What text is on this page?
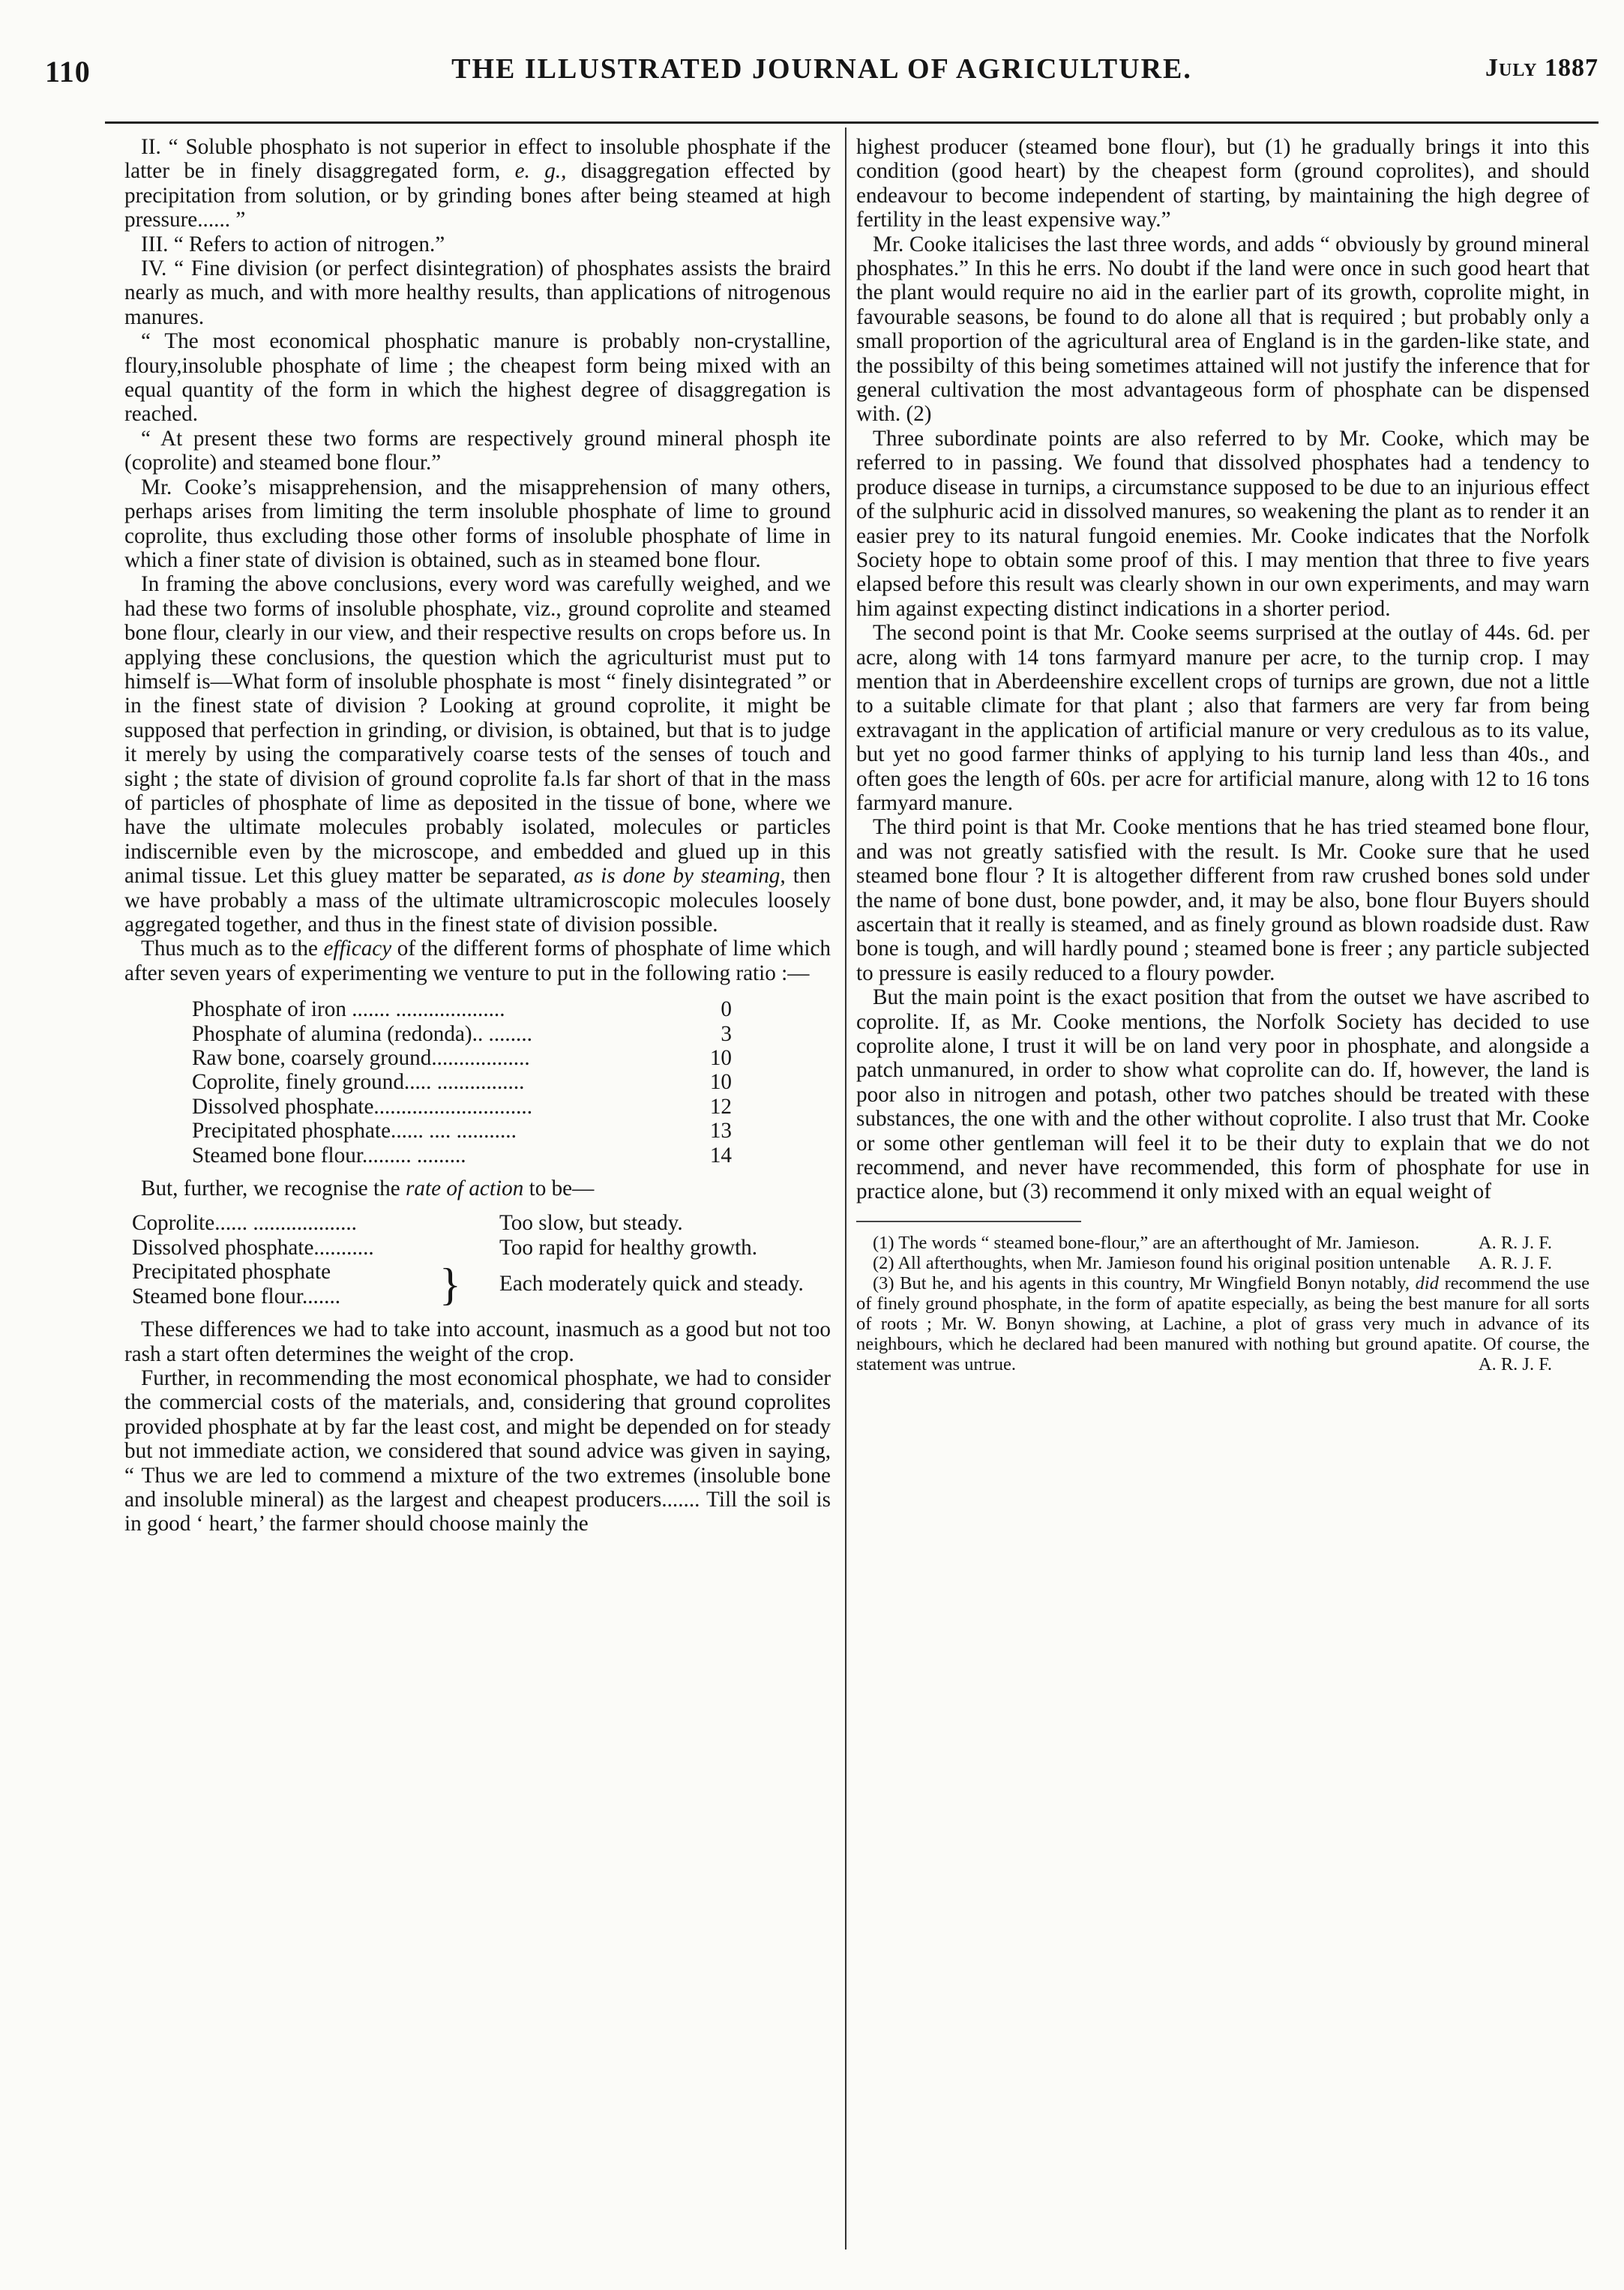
110	THE ILLUSTRATED JOURNAL OF AGRICULTURE.	July 1887

II. “ Soluble phosphato is not superior in effect to insoluble phosphate if the latter be in finely disaggregated form, e. g., disaggregation effected by precipitation from solution, or by grinding bones after being steamed at high pressure...... ”

III. “ Refers to action of nitrogen.”

IV. “ Fine division (or perfect disintegration) of phosphates assists the braird nearly as much, and with more healthy results, than applications of nitrogenous manures.

“ The most economical phosphatic manure is probably non-crystalline, floury,insoluble phosphate of lime ; the cheapest form being mixed with an equal quantity of the form in which the highest degree of disaggregation is reached.

“ At present these two forms are respectively ground mineral phosph ite (coprolite) and steamed bone flour.”

Mr. Cooke’s misapprehension, and the misapprehension of many others, perhaps arises from limiting the term insoluble phosphate of lime to ground coprolite, thus excluding those other forms of insoluble phosphate of lime in which a finer state of division is obtained, such as in steamed bone flour.

In framing the above conclusions, every word was carefully weighed, and we had these two forms of insoluble phosphate, viz., ground coprolite and steamed bone flour, clearly in our view, and their respective results on crops before us. In applying these conclusions, the question which the agriculturist must put to himself is—What form of insoluble phosphate is most “ finely disintegrated ” or in the finest state of division ? Looking at ground coprolite, it might be supposed that perfection in grinding, or division, is obtained, but that is to judge it merely by using the comparatively coarse tests of the senses of touch and sight ; the state of division of ground coprolite fa.ls far short of that in the mass of particles of phosphate of lime as deposited in the tissue of bone, where we have the ultimate molecules probably isolated, molecules or particles indiscernible even by the microscope, and embedded and glued up in this animal tissue. Let this gluey matter be separated, as is done by steaming, then we have probably a mass of the ultimate ultramicroscopic molecules loosely aggregated together, and thus in the finest state of division possible.

Thus much as to the efficacy of the different forms of phosphate of lime which after seven years of experimenting we venture to put in the following ratio :—

Phosphate of iron ....... ....................	0
Phosphate of alumina (redonda).. ........	3
Raw bone, coarsely ground..................	10
Coprolite, finely ground..... ................	10
Dissolved phosphate.............................	12
Precipitated phosphate...... .... ...........	13
Steamed bone flour......... .........	14

But, further, we recognise the rate of action to be—

Coprolite...... ...................	Too slow, but steady.
Dissolved phosphate...........	Too rapid for healthy growth.
Precipitated phosphate
Steamed bone flour.......	}	Each moderately quick and steady.

These differences we had to take into account, inasmuch as a good but not too rash a start often determines the weight of the crop.

Further, in recommending the most economical phosphate, we had to consider the commercial costs of the materials, and, considering that ground coprolites provided phosphate at by far the least cost, and might be depended on for steady but not immediate action, we considered that sound advice was given in saying, “ Thus we are led to commend a mixture of the two extremes (insoluble bone and insoluble mineral) as the largest and cheapest producers....... Till the soil is in good ‘ heart,’ the farmer should choose mainly the

highest producer (steamed bone flour), but (1) he gradually brings it into this condition (good heart) by the cheapest form (ground coprolites), and should endeavour to become independent of starting, by maintaining the high degree of fertility in the least expensive way.”

Mr. Cooke italicises the last three words, and adds “ obviously by ground mineral phosphates.” In this he errs. No doubt if the land were once in such good heart that the plant would require no aid in the earlier part of its growth, coprolite might, in favourable seasons, be found to do alone all that is required ; but probably only a small proportion of the agricultural area of England is in the garden-like state, and the possibilty of this being sometimes attained will not justify the inference that for general cultivation the most advantageous form of phosphate can be dispensed with. (2)

Three subordinate points are also referred to by Mr. Cooke, which may be referred to in passing. We found that dissolved phosphates had a tendency to produce disease in turnips, a circumstance supposed to be due to an injurious effect of the sulphuric acid in dissolved manures, so weakening the plant as to render it an easier prey to its natural fungoid enemies. Mr. Cooke indicates that the Norfolk Society hope to obtain some proof of this. I may mention that three to five years elapsed before this result was clearly shown in our own experiments, and may warn him against expecting distinct indications in a shorter period.

The second point is that Mr. Cooke seems surprised at the outlay of 44s. 6d. per acre, along with 14 tons farmyard manure per acre, to the turnip crop. I may mention that in Aberdeenshire excellent crops of turnips are grown, due not a little to a suitable climate for that plant ; also that farmers are very far from being extravagant in the application of artificial manure or very credulous as to its value, but yet no good farmer thinks of applying to his turnip land less than 40s., and often goes the length of 60s. per acre for artificial manure, along with 12 to 16 tons farmyard manure.

The third point is that Mr. Cooke mentions that he has tried steamed bone flour, and was not greatly satisfied with the result. Is Mr. Cooke sure that he used steamed bone flour ? It is altogether different from raw crushed bones sold under the name of bone dust, bone powder, and, it may be also, bone flour Buyers should ascertain that it really is steamed, and as finely ground as blown roadside dust. Raw bone is tough, and will hardly pound ; steamed bone is freer ; any particle subjected to pressure is easily reduced to a floury powder.

But the main point is the exact position that from the outset we have ascribed to coprolite. If, as Mr. Cooke mentions, the Norfolk Society has decided to use coprolite alone, I trust it will be on land very poor in phosphate, and alongside a patch unmanured, in order to show what coprolite can do. If, however, the land is poor also in nitrogen and potash, other two patches should be treated with these substances, the one with and the other without coprolite. I also trust that Mr. Cooke or some other gentleman will feel it to be their duty to explain that we do not recommend, and never have recommended, this form of phosphate for use in practice alone, but (3) recommend it only mixed with an equal weight of

(1) The words “ steamed bone-flour,” are an afterthought of Mr. Jamieson.	A. R. J. F.

(2) All afterthoughts, when Mr. Jamieson found his original position untenable	A. R. J. F.

(3) But he, and his agents in this country, Mr Wingfield Bonyn notably, did recommend the use of finely ground phosphate, in the form of apatite especially, as being the best manure for all sorts of roots ; Mr. W. Bonyn showing, at Lachine, a plot of grass very much in advance of its neighbours, which he declared had been manured with nothing but ground apatite. Of course, the statement was untrue.	A. R. J. F.
